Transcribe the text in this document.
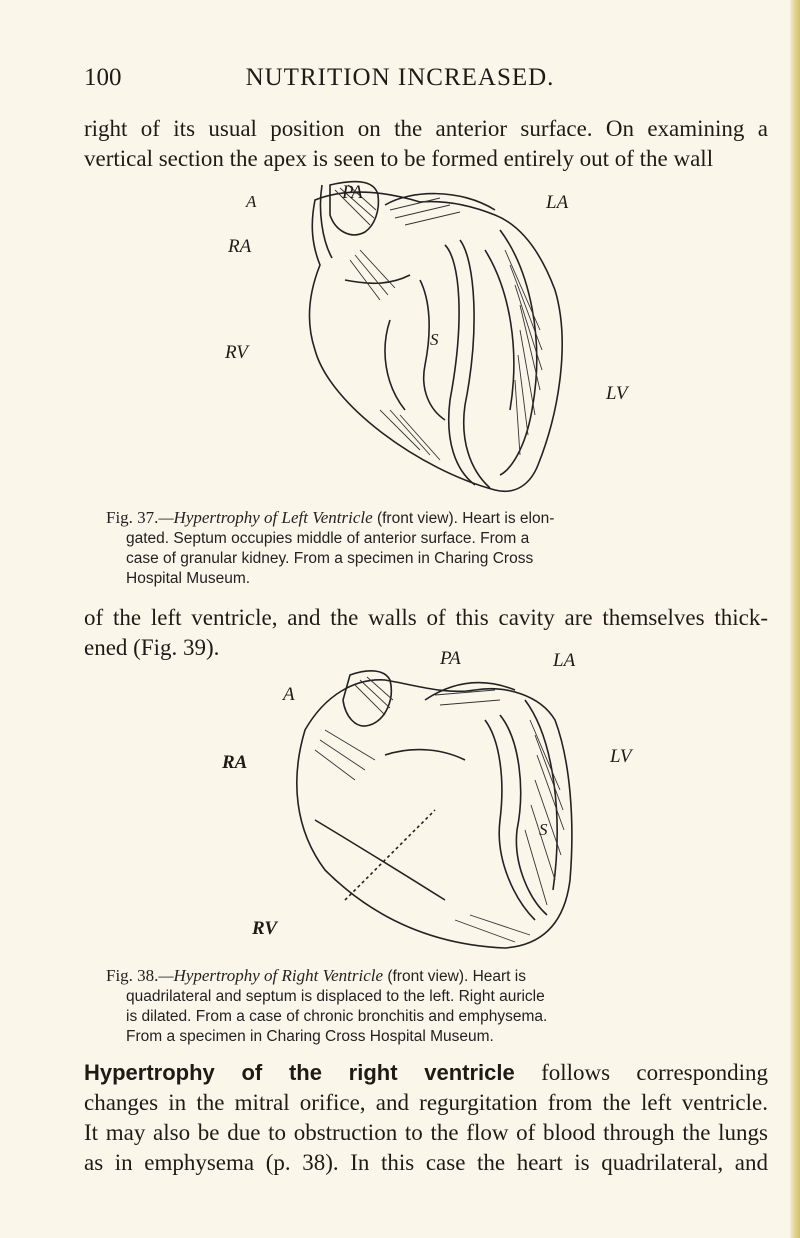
100	NUTRITION INCREASED.

right of its usual position on the anterior surface. On examining a
vertical section the apex is seen to be formed entirely out of the wall

A	PA	LA
RA
RV
S
LV

Fig. 37.—Hypertrophy of Left Ventricle (front view). Heart is elon-
gated. Septum occupies middle of anterior surface. From a
case of granular kidney. From a specimen in Charing Cross
Hospital Museum.

of the left ventricle, and the walls of this cavity are themselves thick-
ened (Fig. 39).

A
PA	LA
LV
RA
S
RV

Fig. 38.—Hypertrophy of Right Ventricle (front view). Heart is
quadrilateral and septum is displaced to the left. Right auricle
is dilated. From a case of chronic bronchitis and emphysema.
From a specimen in Charing Cross Hospital Museum.

Hypertrophy of the right ventricle follows corresponding
changes in the mitral orifice, and regurgitation from the left ventricle.
It may also be due to obstruction to the flow of blood through the lungs
as in emphysema (p. 38). In this case the heart is quadrilateral, and
